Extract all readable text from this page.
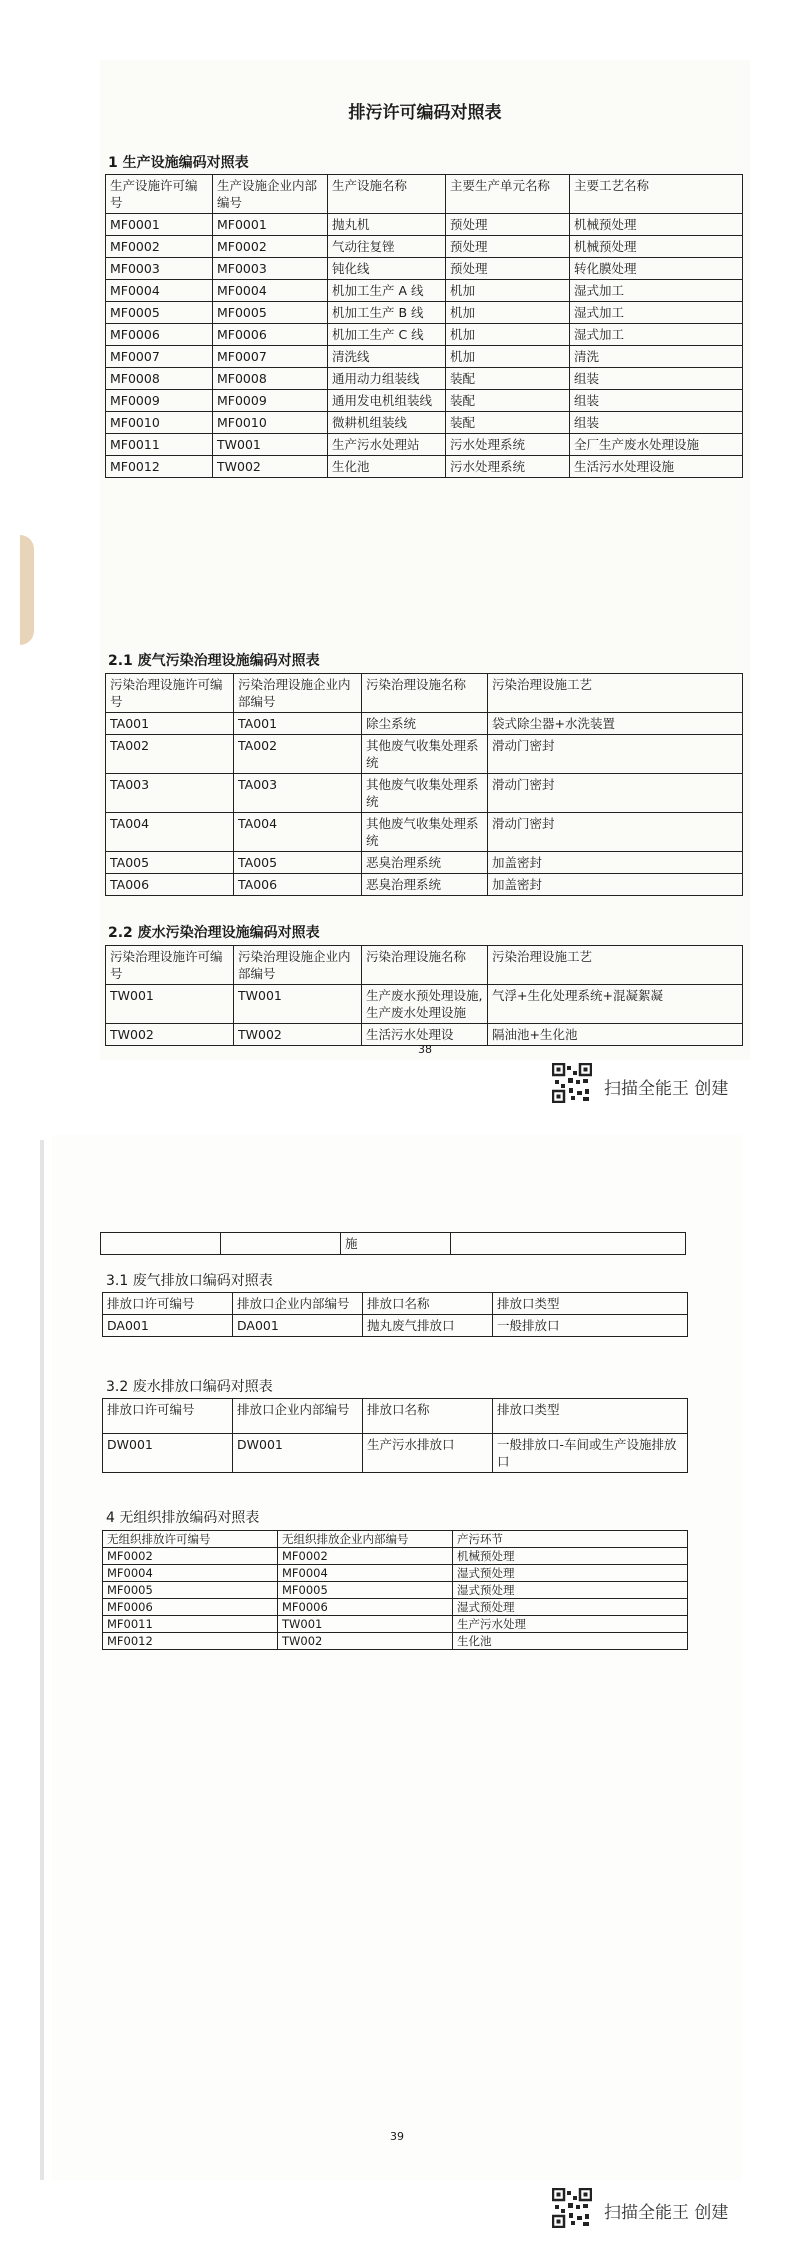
排污许可编码对照表
1 生产设施编码对照表
生产设施许可编号	生产设施企业内部编号	生产设施名称	主要生产单元名称	主要工艺名称
MF0001	MF0001	抛丸机	预处理	机械预处理
MF0002	MF0002	气动往复锉	预处理	机械预处理
MF0003	MF0003	钝化线	预处理	转化膜处理
MF0004	MF0004	机加工生产 A 线	机加	湿式加工
MF0005	MF0005	机加工生产 B 线	机加	湿式加工
MF0006	MF0006	机加工生产 C 线	机加	湿式加工
MF0007	MF0007	清洗线	机加	清洗
MF0008	MF0008	通用动力组装线	装配	组装
MF0009	MF0009	通用发电机组装线	装配	组装
MF0010	MF0010	微耕机组装线	装配	组装
MF0011	TW001	生产污水处理站	污水处理系统	全厂生产废水处理设施
MF0012	TW002	生化池	污水处理系统	生活污水处理设施
2.1 废气污染治理设施编码对照表
污染治理设施许可编号	污染治理设施企业内部编号	污染治理设施名称	污染治理设施工艺
TA001	TA001	除尘系统	袋式除尘器+水洗装置
TA002	TA002	其他废气收集处理系统	滑动门密封
TA003	TA003	其他废气收集处理系统	滑动门密封
TA004	TA004	其他废气收集处理系统	滑动门密封
TA005	TA005	恶臭治理系统	加盖密封
TA006	TA006	恶臭治理系统	加盖密封
2.2 废水污染治理设施编码对照表
污染治理设施许可编号	污染治理设施企业内部编号	污染治理设施名称	污染治理设施工艺
TW001	TW001	生产废水预处理设施,生产废水处理设施	气浮+生化处理系统+混凝絮凝
TW002	TW002	生活污水处理设	隔油池+生化池
38
扫描全能王 创建
		施	
3.1 废气排放口编码对照表
排放口许可编号	排放口企业内部编号	排放口名称	排放口类型
DA001	DA001	抛丸废气排放口	一般排放口
3.2 废水排放口编码对照表
排放口许可编号	排放口企业内部编号	排放口名称	排放口类型
DW001	DW001	生产污水排放口	一般排放口-车间或生产设施排放口
4 无组织排放编码对照表
无组织排放许可编号	无组织排放企业内部编号	产污环节
MF0002	MF0002	机械预处理
MF0004	MF0004	湿式预处理
MF0005	MF0005	湿式预处理
MF0006	MF0006	湿式预处理
MF0011	TW001	生产污水处理
MF0012	TW002	生化池
39
扫描全能王 创建
